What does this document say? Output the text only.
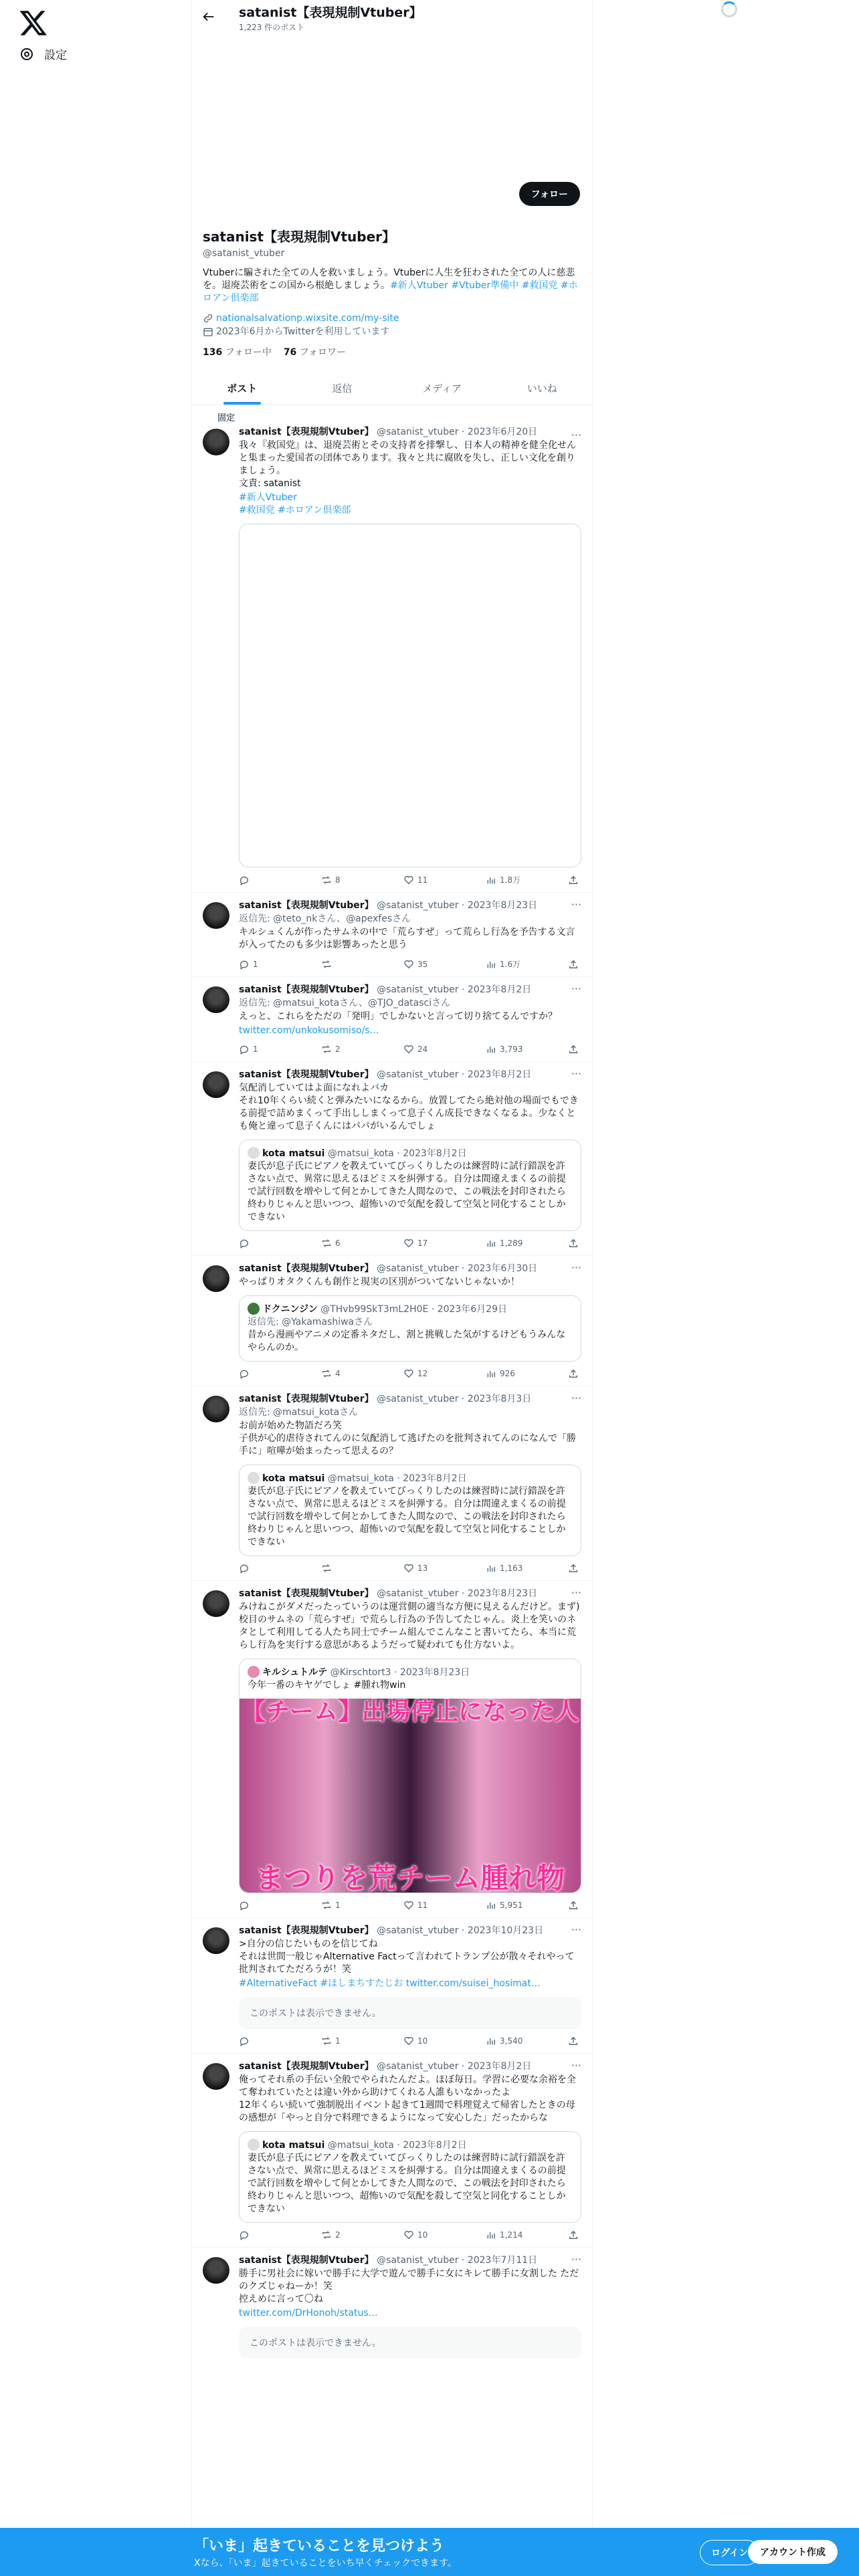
設定
satanist【表現規制Vtuber】
1,223 件のポスト
フォロー
satanist【表現規制Vtuber】
@satanist_vtuber
Vtuberに騙された全ての人を救いましょう。Vtuberに人生を狂わされた全ての人に慈悲を。退廃芸術をこの国から根絶しましょう。#新人Vtuber #Vtuber準備中 #救国党 #ホロアン倶楽部
nationalsalvationp.wixsite.com/my-site
2023年6月からTwitterを利用しています
136 フォロー中 76 フォロワー
ポスト	返信	メディア	いいね
固定
···
satanist【表現規制Vtuber】 @satanist_vtuber · 2023年6月20日
我々『救国党』は、退廃芸術とその支持者を排撃し、日本人の精神を健全化せんと集まった愛国者の団体であります。我々と共に腐敗を失し、正しい文化を創りましょう。
文責: satanist
#新人Vtuber
#救国党 #ホロアン倶楽部
8	11	1.8万
···
satanist【表現規制Vtuber】 @satanist_vtuber · 2023年8月23日
返信先: @teto_nkさん、@apexfesさん
キルシュくんが作ったサムネの中で「荒らすぜ」って荒らし行為を予告する文言が入ってたのも多少は影響あったと思う
1	35	1.6万
···
satanist【表現規制Vtuber】 @satanist_vtuber · 2023年8月2日
返信先: @matsui_kotaさん、@TJO_datasciさん
えっと、これらをただの「発明」でしかないと言って切り捨てるんですか？
twitter.com/unkokusomiso/s…
1	2	24	3,793
···
satanist【表現規制Vtuber】 @satanist_vtuber · 2023年8月2日
気配消していてはよ面になれよバカ
それ10年くらい続くと弾みたいになるから。放置してたら絶対他の場面でもできる前提で詰めまくって手出ししまくって息子くん成長できなくなるよ。少なくとも俺と違って息子くんにはパパがいるんでしょ
kota matsui @matsui_kota · 2023年8月2日
妻氏が息子氏にピアノを教えていてびっくりしたのは練習時に試行錯誤を許さない点で、異常に思えるほどミスを糾弾する。自分は間違えまくるの前提で試行回数を増やして何とかしてきた人間なので、この戦法を封印されたら終わりじゃんと思いつつ、超怖いので気配を殺して空気と同化することしかできない
6	17	1,289
···
satanist【表現規制Vtuber】 @satanist_vtuber · 2023年6月30日
やっぱりオタクくんも創作と現実の区別がついてないじゃないか！
ドクニンジン @THvb99SkT3mL2H0E · 2023年6月29日
返信先: @Yakamashiwaさん
昔から漫画やアニメの定番ネタだし、割と挑戦した気がするけどもうみんなやらんのか。
4	12	926
···
satanist【表現規制Vtuber】 @satanist_vtuber · 2023年8月3日
返信先: @matsui_kotaさん
お前が始めた物語だろ笑
子供が心的虐待されてんのに気配消して逃げたのを批判されてんのになんで「勝手に」喧嘩が始まったって思えるの？
kota matsui @matsui_kota · 2023年8月2日
妻氏が息子氏にピアノを教えていてびっくりしたのは練習時に試行錯誤を許さない点で、異常に思えるほどミスを糾弾する。自分は間違えまくるの前提で試行回数を増やして何とかしてきた人間なので、この戦法を封印されたら終わりじゃんと思いつつ、超怖いので気配を殺して空気と同化することしかできない
13	1,163
···
satanist【表現規制Vtuber】 @satanist_vtuber · 2023年8月23日
みけねこがダメだったっていうのは運営側の適当な方便に見えるんだけど。まず)校目のサムネの「荒らすぜ」で荒らし行為の予告してたじゃん。炎上を笑いのネタとして利用してる人たち同士でチーム組んでこんなこと書いてたら、本当に荒らし行為を実行する意思があるようだって疑われても仕方ないよ。
キルシュトルテ @Kirschtort3 · 2023年8月23日
今年一番のキヤゲでしょ #腫れ物win
【チーム】出場停止になった人
まつりを荒チーム腫れ物
1	11	5,951
···
satanist【表現規制Vtuber】 @satanist_vtuber · 2023年10月23日
>自分の信じたいものを信じてね
それは世間一般じゃAlternative Factって言われてトランプ公が散々それやって批判されてただろうが！笑
#AlternativeFact #ほしまちすたじお twitter.com/suisei_hosimat…
このポストは表示できません。
1	10	3,540
···
satanist【表現規制Vtuber】 @satanist_vtuber · 2023年8月2日
俺ってそれ系の手伝い全般でやられたんだよ。ほぼ毎日。学習に必要な余裕を全て奪われていたとは違い外から助けてくれる人誰もいなかったよ
12年くらい続いて強制脱出イベント起きて1週間で料理覚えて帰省したときの母の感想が「やっと自分で料理できるようになって安心した」だったからな
kota matsui @matsui_kota · 2023年8月2日
妻氏が息子氏にピアノを教えていてびっくりしたのは練習時に試行錯誤を許さない点で、異常に思えるほどミスを糾弾する。自分は間違えまくるの前提で試行回数を増やして何とかしてきた人間なので、この戦法を封印されたら終わりじゃんと思いつつ、超怖いので気配を殺して空気と同化することしかできない
2	10	1,214
···
satanist【表現規制Vtuber】 @satanist_vtuber · 2023年7月11日
勝手に男社会に嫁いで勝手に大学で遊んで勝手に女にキレて勝手に女割した ただのクズじゃねーか！笑
控えめに言って〇ね
twitter.com/DrHonoh/status…
このポストは表示できません。
「いま」起きていることを見つけよう
Xなら、「いま」起きていることをいち早くチェックできます。
ログイン	アカウント作成
